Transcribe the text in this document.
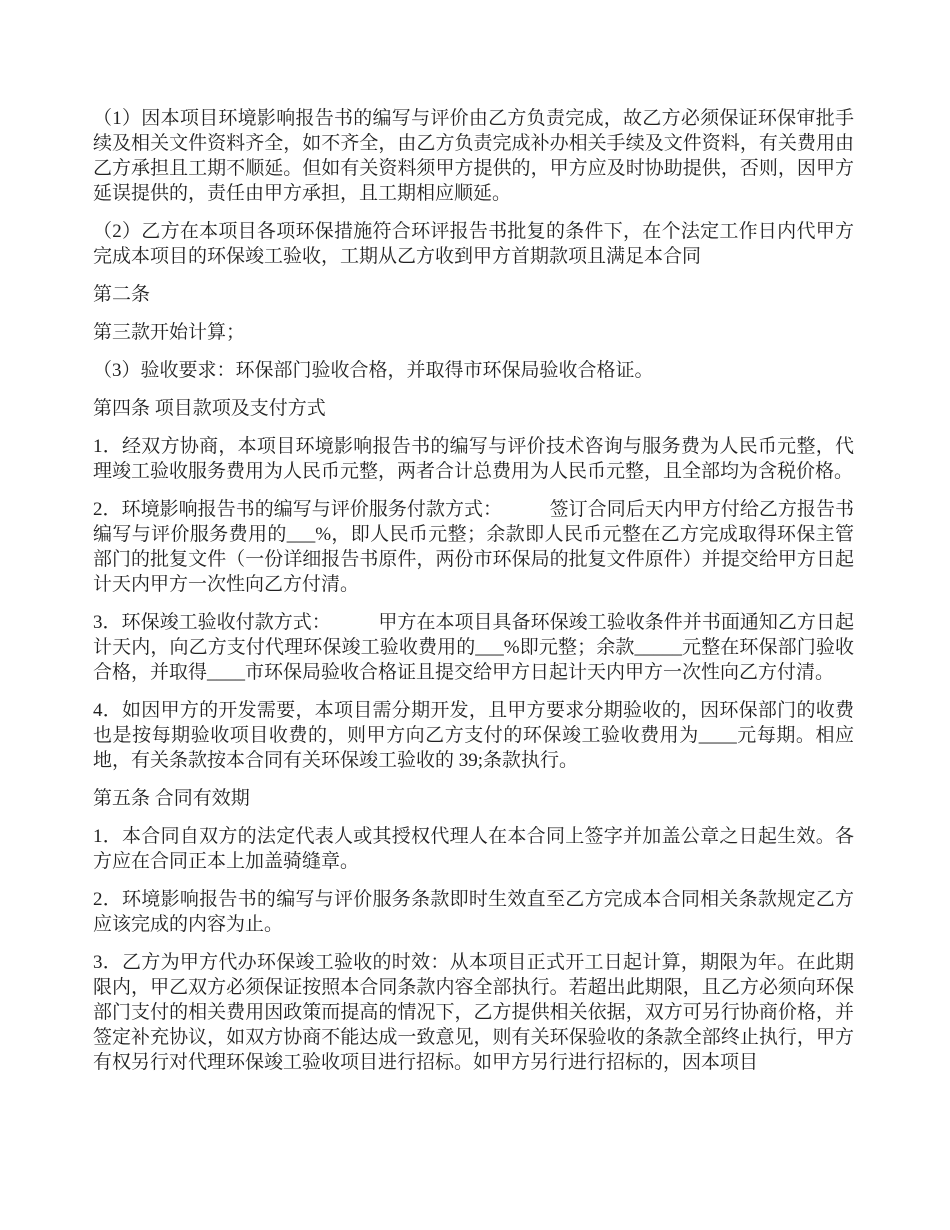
（1）因本项目环境影响报告书的编写与评价由乙方负责完成，故乙方必须保证环保审批手续及相关文件资料齐全，如不齐全，由乙方负责完成补办相关手续及文件资料，有关费用由乙方承担且工期不顺延。但如有关资料须甲方提供的，甲方应及时协助提供，否则，因甲方延误提供的，责任由甲方承担，且工期相应顺延。

（2）乙方在本项目各项环保措施符合环评报告书批复的条件下，在个法定工作日内代甲方完成本项目的环保竣工验收，工期从乙方收到甲方首期款项且满足本合同

第二条

第三款开始计算；

（3）验收要求：环保部门验收合格，并取得市环保局验收合格证。

第四条 项目款项及支付方式

1．经双方协商，本项目环境影响报告书的编写与评价技术咨询与服务费为人民币元整，代理竣工验收服务费用为人民币元整，两者合计总费用为人民币元整，且全部均为含税价格。

2．环境影响报告书的编写与评价服务付款方式：　　　签订合同后天内甲方付给乙方报告书编写与评价服务费用的___%，即人民币元整；余款即人民币元整在乙方完成取得环保主管部门的批复文件（一份详细报告书原件，两份市环保局的批复文件原件）并提交给甲方日起计天内甲方一次性向乙方付清。

3．环保竣工验收付款方式：　　　甲方在本项目具备环保竣工验收条件并书面通知乙方日起计天内，向乙方支付代理环保竣工验收费用的___%即元整；余款_____元整在环保部门验收合格，并取得____市环保局验收合格证且提交给甲方日起计天内甲方一次性向乙方付清。

4．如因甲方的开发需要，本项目需分期开发，且甲方要求分期验收的，因环保部门的收费也是按每期验收项目收费的，则甲方向乙方支付的环保竣工验收费用为____元每期。相应地，有关条款按本合同有关环保竣工验收的 39;条款执行。

第五条 合同有效期

1．本合同自双方的法定代表人或其授权代理人在本合同上签字并加盖公章之日起生效。各方应在合同正本上加盖骑缝章。

2．环境影响报告书的编写与评价服务条款即时生效直至乙方完成本合同相关条款规定乙方应该完成的内容为止。

3．乙方为甲方代办环保竣工验收的时效：从本项目正式开工日起计算，期限为年。在此期限内，甲乙双方必须保证按照本合同条款内容全部执行。若超出此期限，且乙方必须向环保部门支付的相关费用因政策而提高的情况下，乙方提供相关依据，双方可另行协商价格，并签定补充协议，如双方协商不能达成一致意见，则有关环保验收的条款全部终止执行，甲方有权另行对代理环保竣工验收项目进行招标。如甲方另行进行招标的，因本项目
